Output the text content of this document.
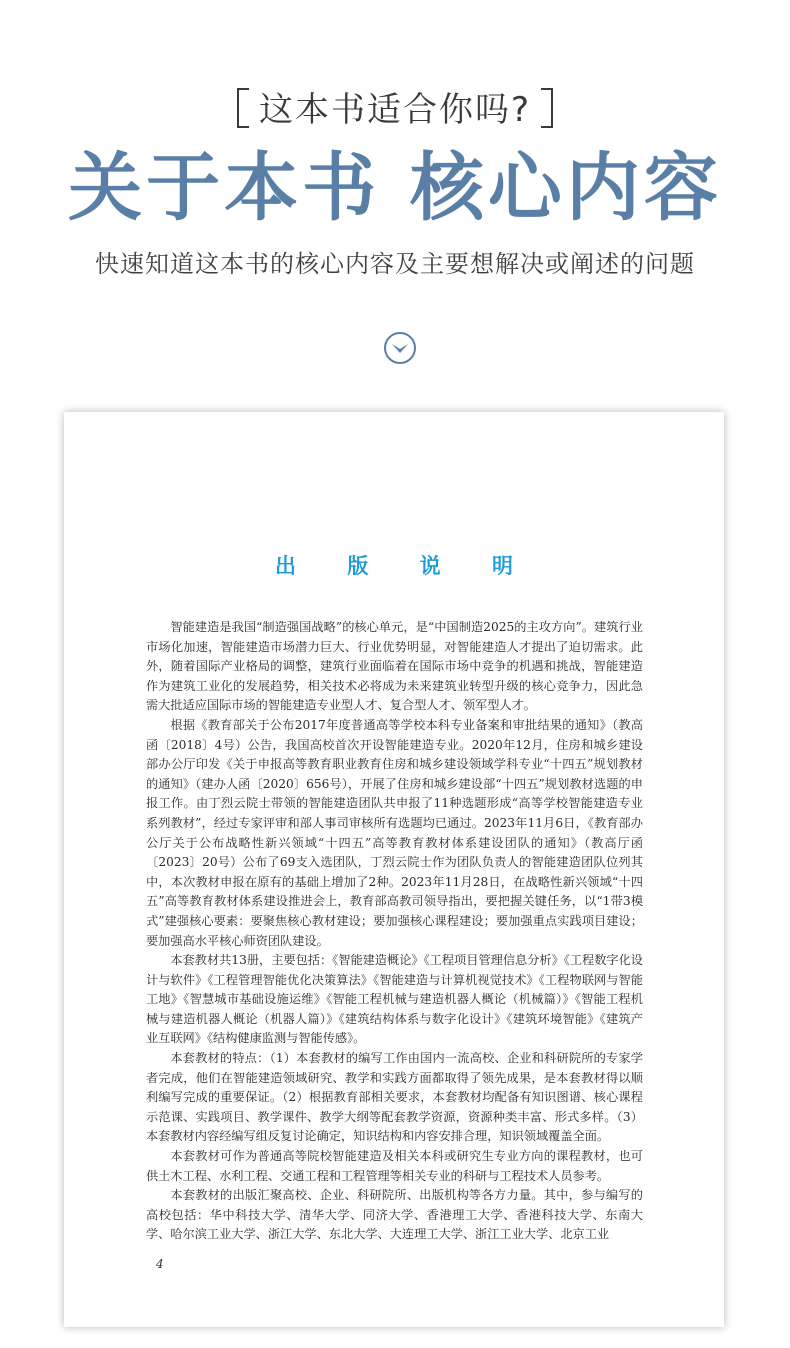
这本书适合你吗?
关于本书 核心内容
快速知道这本书的核心内容及主要想解决或阐述的问题
出 版 说 明

智能建造是我国“制造强国战略”的核心单元，是“中国制造2025的主攻方向”。建筑行业市场化加速，智能建造市场潜力巨大、行业优势明显，对智能建造人才提出了迫切需求。此外，随着国际产业格局的调整，建筑行业面临着在国际市场中竞争的机遇和挑战，智能建造作为建筑工业化的发展趋势，相关技术必将成为未来建筑业转型升级的核心竞争力，因此急需大批适应国际市场的智能建造专业型人才、复合型人才、领军型人才。

根据《教育部关于公布2017年度普通高等学校本科专业备案和审批结果的通知》（教高函〔2018〕4号）公告，我国高校首次开设智能建造专业。2020年12月，住房和城乡建设部办公厅印发《关于申报高等教育职业教育住房和城乡建设领域学科专业“十四五”规划教材的通知》（建办人函〔2020〕656号），开展了住房和城乡建设部“十四五”规划教材选题的申报工作。由丁烈云院士带领的智能建造团队共申报了11种选题形成“高等学校智能建造专业系列教材”，经过专家评审和部人事司审核所有选题均已通过。2023年11月6日，《教育部办公厅关于公布战略性新兴领域“十四五”高等教育教材体系建设团队的通知》（教高厅函〔2023〕20号）公布了69支入选团队，丁烈云院士作为团队负责人的智能建造团队位列其中，本次教材申报在原有的基础上增加了2种。2023年11月28日，在战略性新兴领域“十四五”高等教育教材体系建设推进会上，教育部高教司领导指出，要把握关键任务，以“1带3模式”建强核心要素：要聚焦核心教材建设；要加强核心课程建设；要加强重点实践项目建设；要加强高水平核心师资团队建设。

本套教材共13册，主要包括：《智能建造概论》《工程项目管理信息分析》《工程数字化设计与软件》《工程管理智能优化决策算法》《智能建造与计算机视觉技术》《工程物联网与智能工地》《智慧城市基础设施运维》《智能工程机械与建造机器人概论（机械篇）》《智能工程机械与建造机器人概论（机器人篇）》《建筑结构体系与数字化设计》《建筑环境智能》《建筑产业互联网》《结构健康监测与智能传感》。

本套教材的特点：（1）本套教材的编写工作由国内一流高校、企业和科研院所的专家学者完成，他们在智能建造领域研究、教学和实践方面都取得了领先成果，是本套教材得以顺利编写完成的重要保证。（2）根据教育部相关要求，本套教材均配备有知识图谱、核心课程示范课、实践项目、教学课件、教学大纲等配套教学资源，资源种类丰富、形式多样。（3）本套教材内容经编写组反复讨论确定，知识结构和内容安排合理，知识领域覆盖全面。

本套教材可作为普通高等院校智能建造及相关本科或研究生专业方向的课程教材，也可供土木工程、水利工程、交通工程和工程管理等相关专业的科研与工程技术人员参考。

本套教材的出版汇聚高校、企业、科研院所、出版机构等各方力量。其中，参与编写的高校包括：华中科技大学、清华大学、同济大学、香港理工大学、香港科技大学、东南大学、哈尔滨工业大学、浙江大学、东北大学、大连理工大学、浙江工业大学、北京工业

4
